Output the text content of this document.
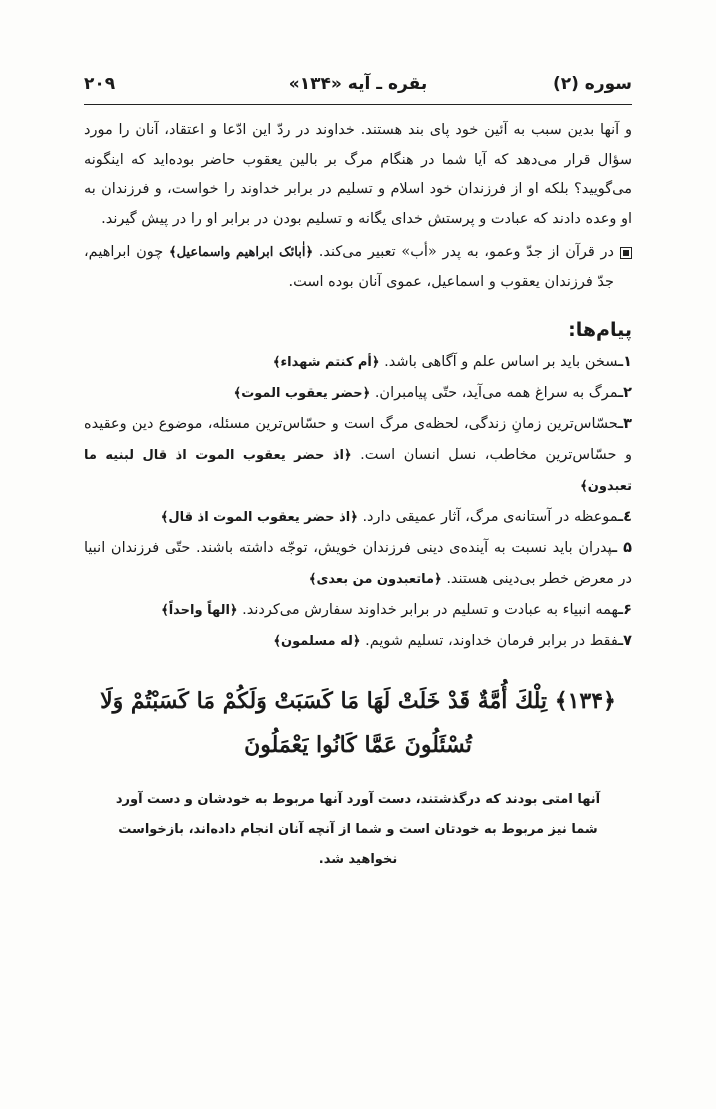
سوره (۲)
بقره ـ آیه «۱۳۴»
۲۰۹

و آنها بدین سبب به آئین خود پای بند هستند. خداوند در ردّ این ادّعا و اعتقاد، آنان را مورد سؤال قرار می‌دهد که آیا شما در هنگام مرگ بر بالین یعقوب حاضر بوده‌اید که اینگونه می‌گویید؟ بلکه او از فرزندان خود اسلام و تسلیم در برابر خداوند را خواست، و فرزندان به او وعده دادند که عبادت و پرستش خدای یگانه و تسلیم بودن در برابر او را در پیش گیرند.

در قرآن از جدّ وعمو، به پدر «أب» تعبیر می‌کند. ﴿اٰبائک ابراهیم واسماعیل﴾ چون ابراهیم، جدّ فرزندان یعقوب و اسماعیل، عموی آنان بوده است.

پیام‌ها:
۱ـسخن باید بر اساس علم و آگاهی باشد. ﴿أم کنتم شهداء﴾
۲ـمرگ به سراغ همه می‌آید، حتّی پیامبران. ﴿حضر یعقوب الموت﴾
۳ـحسّاس‌ترین زمانِ زندگی، لحظه‌ی مرگ است و حسّاس‌ترین مسئله، موضوع دین وعقیده و حسّاس‌ترین مخاطب، نسل انسان است. ﴿اذ حضر یعقوب الموت اذ قال لبنیه ما تعبدون﴾
٤ـموعظه در آستانه‌ی مرگ، آثار عمیقی دارد. ﴿اذ حضر یعقوب الموت اذ قال﴾
۵ ـپدران باید نسبت به آینده‌ی دینی فرزندان خویش، توجّه داشته باشند. حتّی فرزندان انبیا در معرض خطر بی‌دینی هستند. ﴿ماتعبدون من بعدی﴾
۶ـهمه انبیاء به عبادت و تسلیم در برابر خداوند سفارش می‌کردند. ﴿الهاً واحداً﴾
۷ـفقط در برابر فرمان خداوند، تسلیم شویم. ﴿له مسلمون﴾
﴿۱۳۴﴾ تِلْكَ أُمَّةٌ قَدْ خَلَتْ لَهَا مَا كَسَبَتْ وَلَكُمْ مَا كَسَبْتُمْ وَلَا تُسْئَلُونَ عَمَّا كَانُوا يَعْمَلُونَ
آنها امتی بودند که درگذشتند، دست آورد آنها مربوط به خودشان و دست آورد شما نیز مربوط به خودتان است و شما از آنچه آنان انجام داده‌اند، بازخواست نخواهید شد.
